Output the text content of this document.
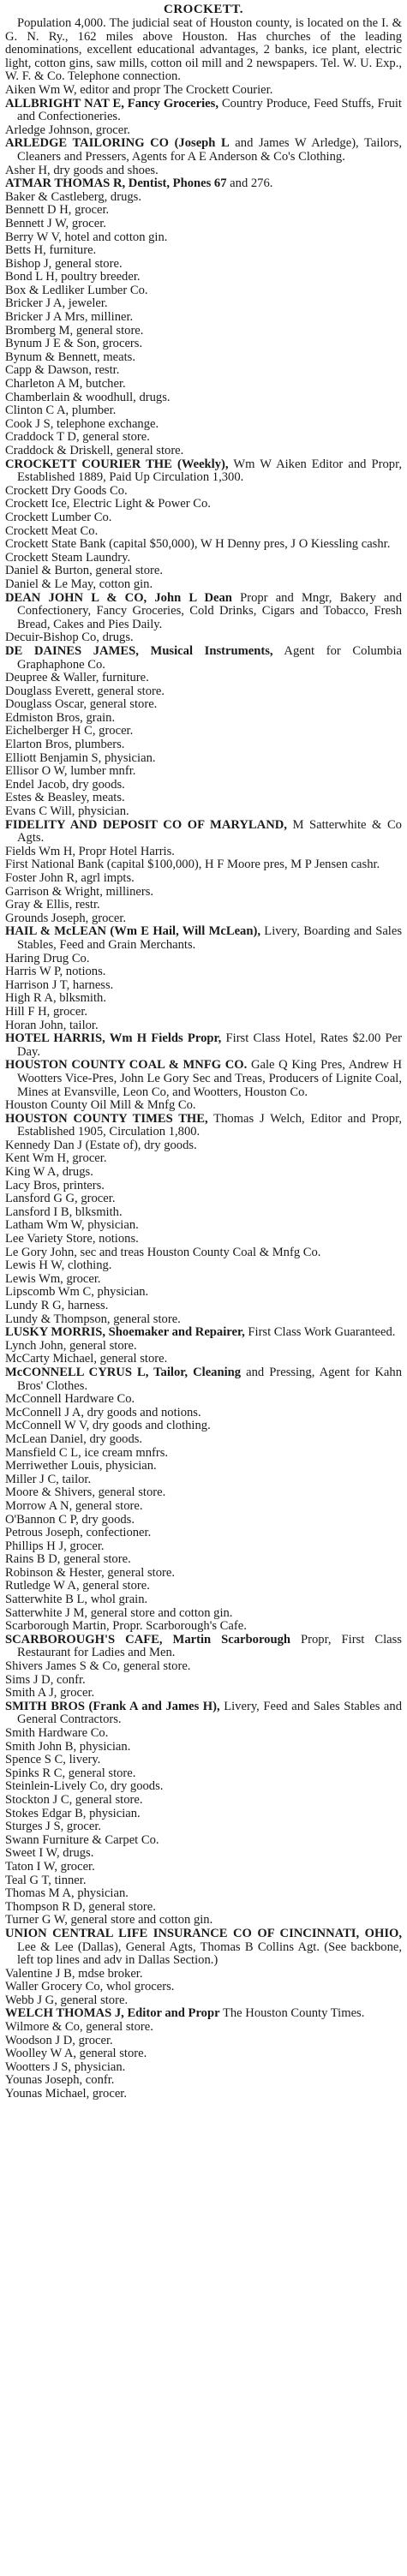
CROCKETT.

Population 4,000. The judicial seat of Houston county, is located on the I. & G. N. Ry., 162 miles above Houston. Has churches of the leading denominations, excellent educational advantages, 2 banks, ice plant, electric light, cotton gins, saw mills, cotton oil mill and 2 newspapers. Tel. W. U. Exp., W. F. & Co. Telephone connection.

Aiken Wm W, editor and propr The Crockett Courier.
ALLBRIGHT NAT E, Fancy Groceries, Country Produce, Feed Stuffs, Fruit and Confectioneries.
Arledge Johnson, grocer.
ARLEDGE TAILORING CO (Joseph L and James W Arledge), Tailors, Cleaners and Pressers, Agents for A E Anderson & Co's Clothing.
Asher H, dry goods and shoes.
ATMAR THOMAS R, Dentist, Phones 67 and 276.
Baker & Castleberg, drugs.
Bennett D H, grocer.
Bennett J W, grocer.
Berry W V, hotel and cotton gin.
Betts H, furniture.
Bishop J, general store.
Bond L H, poultry breeder.
Box & Ledliker Lumber Co.
Bricker J A, jeweler.
Bricker J A Mrs, milliner.
Bromberg M, general store.
Bynum J E & Son, grocers.
Bynum & Bennett, meats.
Capp & Dawson, restr.
Charleton A M, butcher.
Chamberlain & woodhull, drugs.
Clinton C A, plumber.
Cook J S, telephone exchange.
Craddock T D, general store.
Craddock & Driskell, general store.
CROCKETT COURIER THE (Weekly), Wm W Aiken Editor and Propr, Established 1889, Paid Up Circulation 1,300.
Crockett Dry Goods Co.
Crockett Ice, Electric Light & Power Co.
Crockett Lumber Co.
Crockett Meat Co.
Crockett State Bank (capital $50,000), W H Denny pres, J O Kiessling cashr.
Crockett Steam Laundry.
Daniel & Burton, general store.
Daniel & Le May, cotton gin.
DEAN JOHN L & CO, John L Dean Propr and Mngr, Bakery and Confectionery, Fancy Groceries, Cold Drinks, Cigars and Tobacco, Fresh Bread, Cakes and Pies Daily.
Decuir-Bishop Co, drugs.
DE DAINES JAMES, Musical Instruments, Agent for Columbia Graphaphone Co.
Deupree & Waller, furniture.
Douglass Everett, general store.
Douglass Oscar, general store.
Edmiston Bros, grain.
Eichelberger H C, grocer.
Elarton Bros, plumbers.
Elliott Benjamin S, physician.
Ellisor O W, lumber mnfr.
Endel Jacob, dry goods.
Estes & Beasley, meats.
Evans C Will, physician.
FIDELITY AND DEPOSIT CO OF MARYLAND, M Satterwhite & Co Agts.
Fields Wm H, Propr Hotel Harris.
First National Bank (capital $100,000), H F Moore pres, M P Jensen cashr.
Foster John R, agrl impts.
Garrison & Wright, milliners.
Gray & Ellis, restr.
Grounds Joseph, grocer.
HAIL & McLEAN (Wm E Hail, Will McLean), Livery, Boarding and Sales Stables, Feed and Grain Merchants.
Haring Drug Co.
Harris W P, notions.
Harrison J T, harness.
High R A, blksmith.
Hill F H, grocer.
Horan John, tailor.
HOTEL HARRIS, Wm H Fields Propr, First Class Hotel, Rates $2.00 Per Day.
HOUSTON COUNTY COAL & MNFG CO. Gale Q King Pres, Andrew H Wootters Vice-Pres, John Le Gory Sec and Treas, Producers of Lignite Coal, Mines at Evansville, Leon Co, and Wootters, Houston Co.
Houston County Oil Mill & Mnfg Co.
HOUSTON COUNTY TIMES THE, Thomas J Welch, Editor and Propr, Established 1905, Circulation 1,800.
Kennedy Dan J (Estate of), dry goods.
Kent Wm H, grocer.
King W A, drugs.
Lacy Bros, printers.
Lansford G G, grocer.
Lansford I B, blksmith.
Latham Wm W, physician.
Lee Variety Store, notions.
Le Gory John, sec and treas Houston County Coal & Mnfg Co.
Lewis H W, clothing.
Lewis Wm, grocer.
Lipscomb Wm C, physician.
Lundy R G, harness.
Lundy & Thompson, general store.
LUSKY MORRIS, Shoemaker and Repairer, First Class Work Guaranteed.
Lynch John, general store.
McCarty Michael, general store.
McCONNELL CYRUS L, Tailor, Cleaning and Pressing, Agent for Kahn Bros' Clothes.
McConnell Hardware Co.
McConnell J A, dry goods and notions.
McConnell W V, dry goods and clothing.
McLean Daniel, dry goods.
Mansfield C L, ice cream mnfrs.
Merriwether Louis, physician.
Miller J C, tailor.
Moore & Shivers, general store.
Morrow A N, general store.
O'Bannon C P, dry goods.
Petrous Joseph, confectioner.
Phillips H J, grocer.
Rains B D, general store.
Robinson & Hester, general store.
Rutledge W A, general store.
Satterwhite B L, whol grain.
Satterwhite J M, general store and cotton gin.
Scarborough Martin, Propr. Scarborough's Cafe.
SCARBOROUGH'S CAFE, Martin Scarborough Propr, First Class Restaurant for Ladies and Men.
Shivers James S & Co, general store.
Sims J D, confr.
Smith A J, grocer.
SMITH BROS (Frank A and James H), Livery, Feed and Sales Stables and General Contractors.
Smith Hardware Co.
Smith John B, physician.
Spence S C, livery.
Spinks R C, general store.
Steinlein-Lively Co, dry goods.
Stockton J C, general store.
Stokes Edgar B, physician.
Sturges J S, grocer.
Swann Furniture & Carpet Co.
Sweet I W, drugs.
Taton I W, grocer.
Teal G T, tinner.
Thomas M A, physician.
Thompson R D, general store.
Turner G W, general store and cotton gin.
UNION CENTRAL LIFE INSURANCE CO OF CINCINNATI, OHIO, Lee & Lee (Dallas), General Agts, Thomas B Collins Agt. (See backbone, left top lines and adv in Dallas Section.)
Valentine J B, mdse broker.
Waller Grocery Co, whol grocers.
Webb J G, general store.
WELCH THOMAS J, Editor and Propr The Houston County Times.
Wilmore & Co, general store.
Woodson J D, grocer.
Woolley W A, general store.
Wootters J S, physician.
Younas Joseph, confr.
Younas Michael, grocer.
